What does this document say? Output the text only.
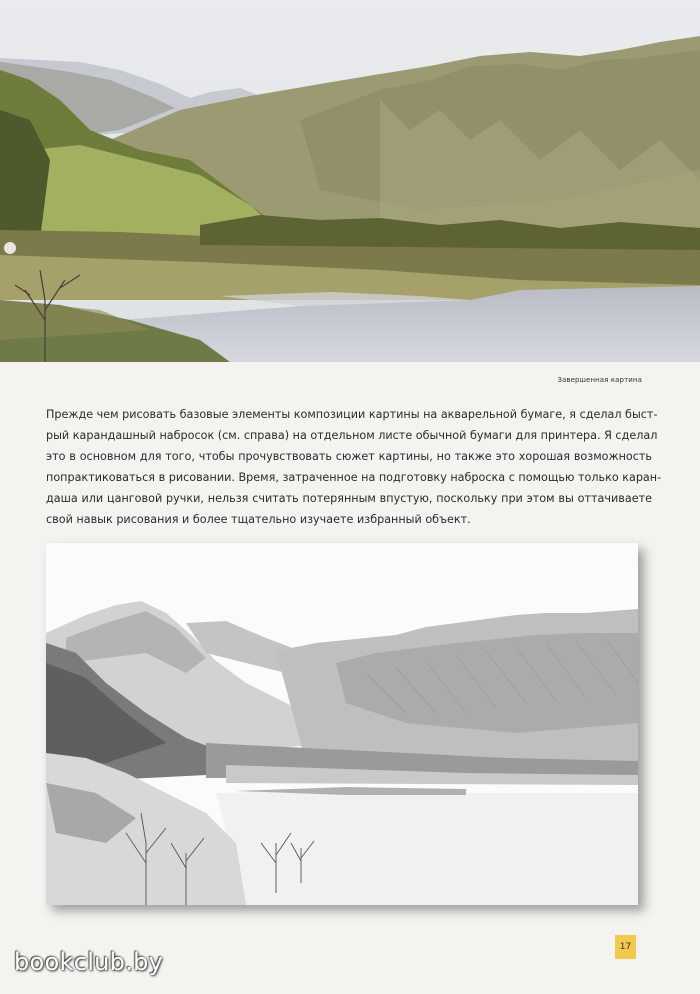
Завершенная картина
Прежде чем рисовать базовые элементы композиции картины на акварельной бумаге, я сделал быст-
рый карандашный набросок (см. справа) на отдельном листе обычной бумаги для принтера. Я сделал
это в основном для того, чтобы прочувствовать сюжет картины, но также это хорошая возможность
попрактиковаться в рисовании. Время, затраченное на подготовку наброска с помощью только каран-
даша или цанговой ручки, нельзя считать потерянным впустую, поскольку при этом вы оттачиваете
свой навык рисования и более тщательно изучаете избранный объект.
17
bookclub.by
